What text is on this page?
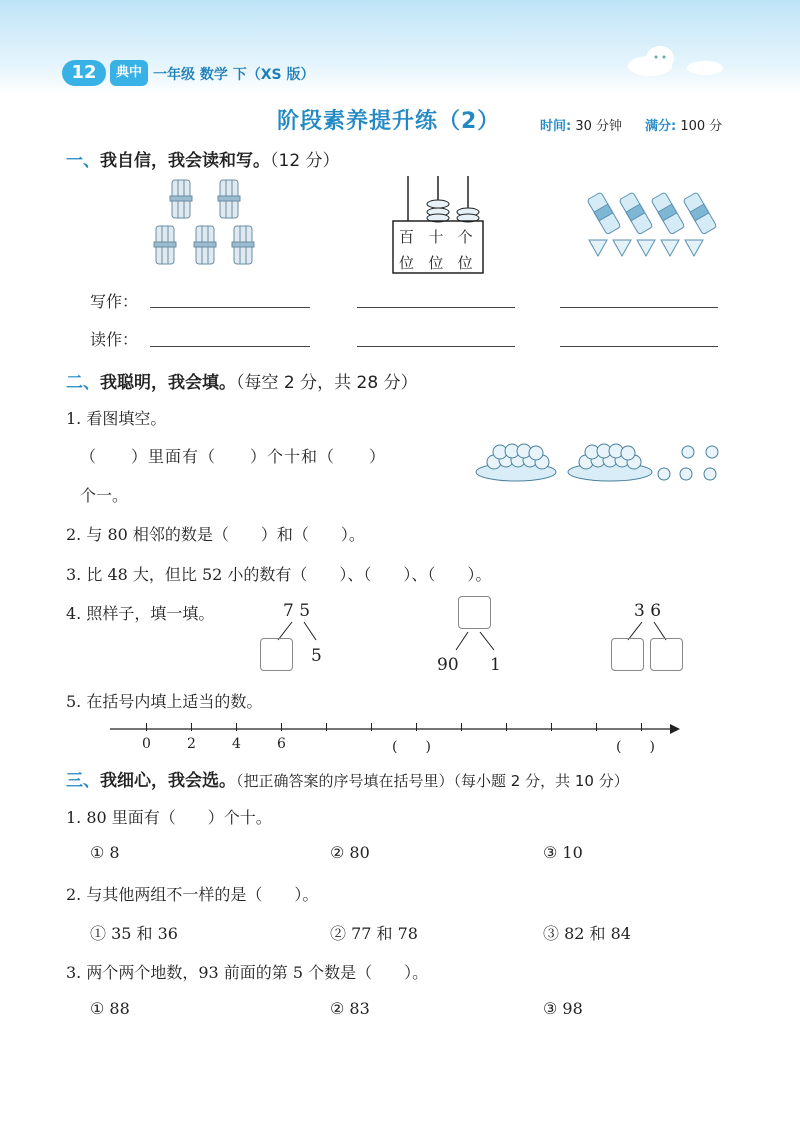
12	典中 一年级 数学 下（XS 版）
阶段素养提升练（2）	时间: 30 分钟 满分: 100 分
一、我自信，我会读和写。（12 分）
百 十 个
位 位 位
写作：
读作：
二、我聪明，我会填。（每空 2 分，共 28 分）
1. 看图填空。
（　　）里面有（　　）个十和（　　）
个一。
2. 与 80 相邻的数是（　　）和（　　）。
3. 比 48 大，但比 52 小的数有（　　）、（　　）、（　　）。
4. 照样子，填一填。	7 5
5	90 1
3 6
5. 在括号内填上适当的数。
0	2	4	6	(　　)	(　　)
三、我细心，我会选。（把正确答案的序号填在括号里）（每小题 2 分，共 10 分）
1. 80 里面有（　　）个十。
① 8	② 80	③ 10
2. 与其他两组不一样的是（　　）。
① 35 和 36	② 77 和 78	③ 82 和 84
3. 两个两个地数，93 前面的第 5 个数是（　　）。
① 88	② 83	③ 98
